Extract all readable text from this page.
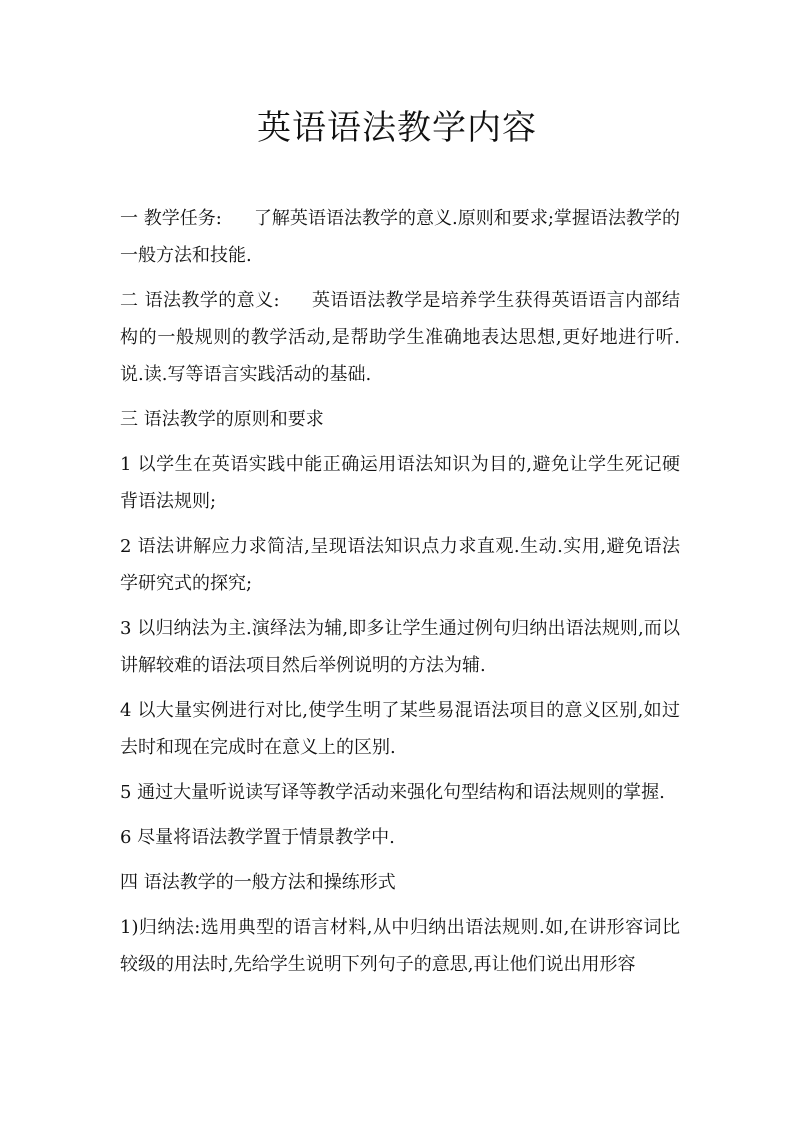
英语语法教学内容

一 教学任务: 了解英语语法教学的意义.原则和要求;掌握语法教学的一般方法和技能.

二 语法教学的意义: 英语语法教学是培养学生获得英语语言内部结构的一般规则的教学活动,是帮助学生准确地表达思想,更好地进行听.说.读.写等语言实践活动的基础.

三 语法教学的原则和要求

1 以学生在英语实践中能正确运用语法知识为目的,避免让学生死记硬背语法规则;

2 语法讲解应力求简洁,呈现语法知识点力求直观.生动.实用,避免语法学研究式的探究;

3 以归纳法为主.演绎法为辅,即多让学生通过例句归纳出语法规则,而以讲解较难的语法项目然后举例说明的方法为辅.

4 以大量实例进行对比,使学生明了某些易混语法项目的意义区别,如过去时和现在完成时在意义上的区别.

5 通过大量听说读写译等教学活动来强化句型结构和语法规则的掌握.

6 尽量将语法教学置于情景教学中.

四 语法教学的一般方法和操练形式

1)归纳法:选用典型的语言材料,从中归纳出语法规则.如,在讲形容词比较级的用法时,先给学生说明下列句子的意思,再让他们说出用形容
